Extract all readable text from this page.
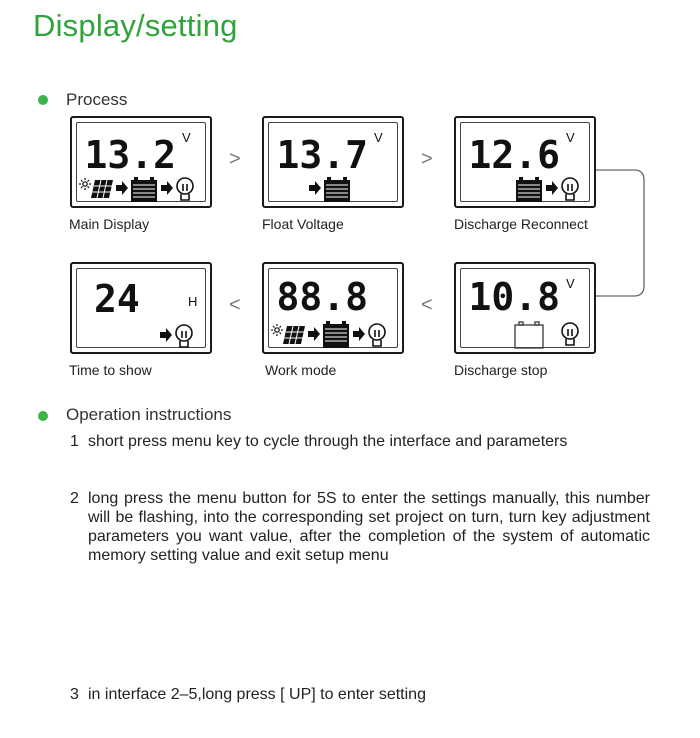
Display/setting
Process
13.2 V
Main Display
> 13.7 V
Float Voltage
> 12.6 V
Discharge Reconnect
24	H
Time to show
< 88.8
Work mode
< 10.8 V
Discharge stop
Operation instructions
1 short press menu key to cycle through the interface and parameters
2 long press the menu button for 5S to enter the settings manually, this number will be flashing, into the corresponding set project on turn, turn key adjustment parameters you want value, after the completion of the system of automatic memory setting value and exit setup menu
3 in interface 2–5,long press [ UP] to enter setting
